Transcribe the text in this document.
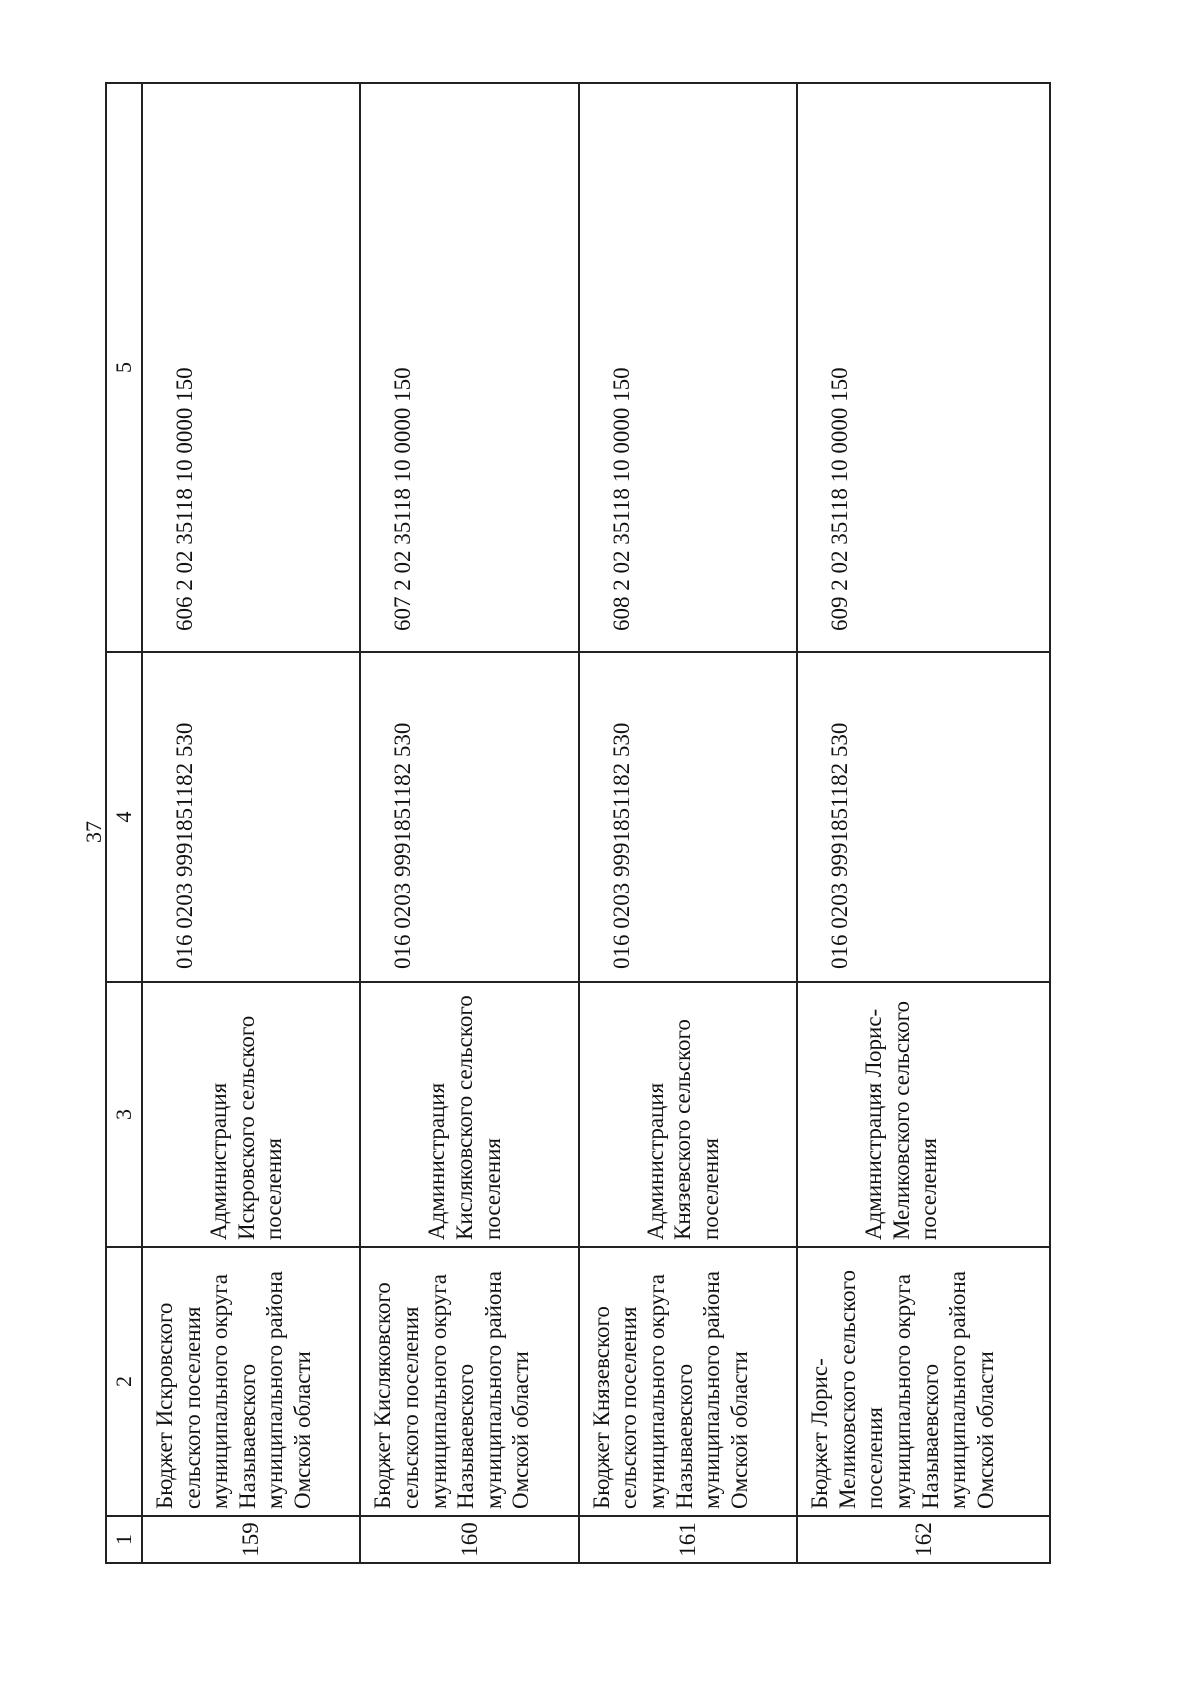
37
1	2	3	4	5
159	Бюджет Искровского сельского поселения муниципального округа Называевского муниципального района Омской области	Администрация Искровского сельского поселения	016 0203 9991851182 530	606 2 02 35118 10 0000 150
160	Бюджет Кисляковского сельского поселения муниципального округа Называевского муниципального района Омской области	Администрация Кисляковского сельского поселения	016 0203 9991851182 530	607 2 02 35118 10 0000 150
161	Бюджет Князевского сельского поселения муниципального округа Называевского муниципального района Омской области	Администрация Князевского сельского поселения	016 0203 9991851182 530	608 2 02 35118 10 0000 150
162	Бюджет Лорис-Меликовского сельского поселения муниципального округа Называевского муниципального района Омской области	Администрация Лорис-Меликовского сельского поселения	016 0203 9991851182 530	609 2 02 35118 10 0000 150
